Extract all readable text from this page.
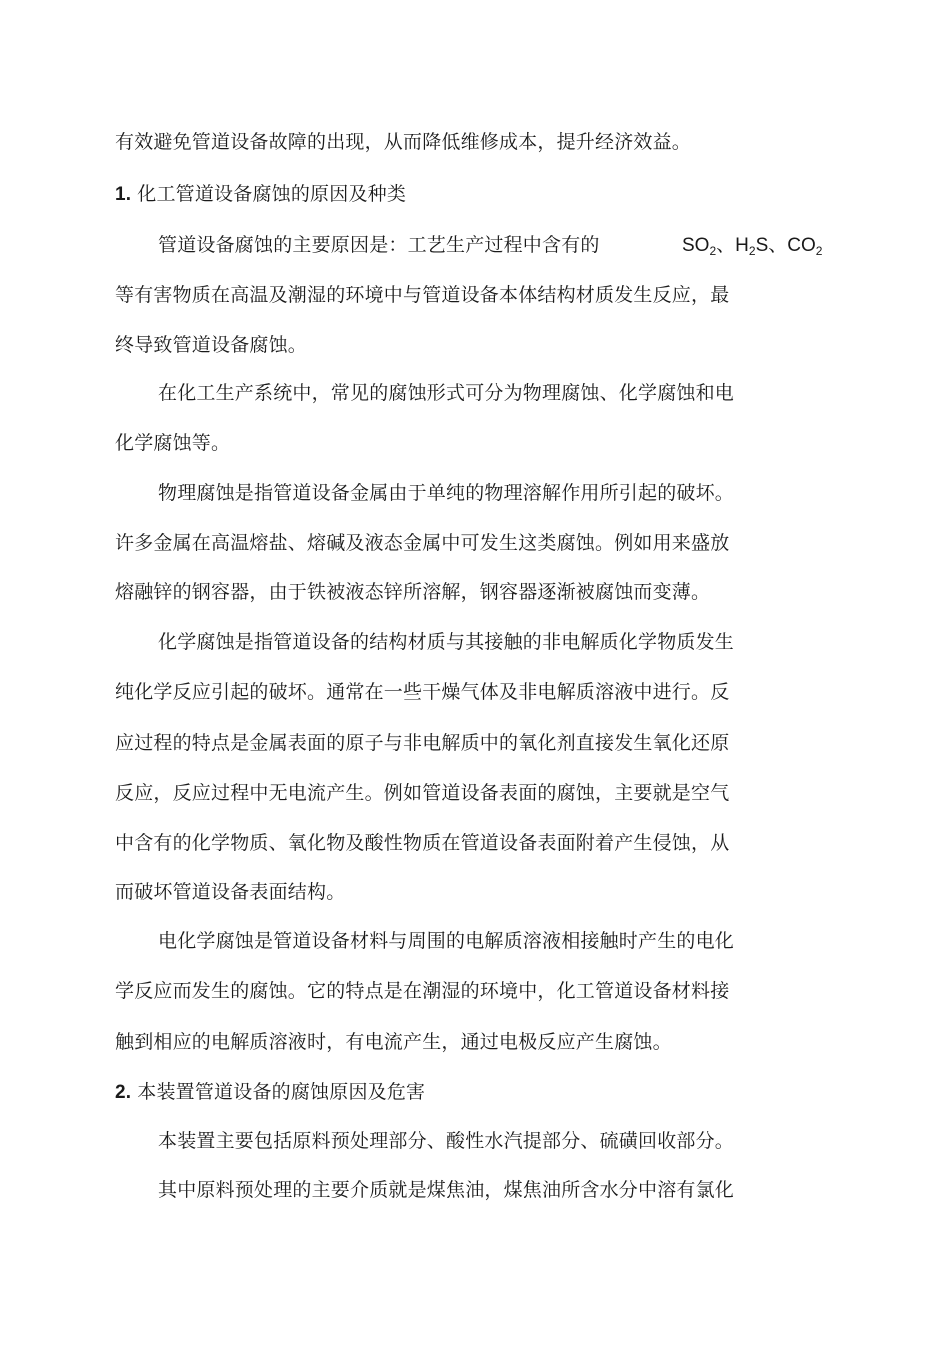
有效避免管道设备故障的出现，从而降低维修成本，提升经济效益。
1. 化工管道设备腐蚀的原因及种类
管道设备腐蚀的主要原因是：工艺生产过程中含有的	$SO_2$、$H_2S$、$CO_2$
等有害物质在高温及潮湿的环境中与管道设备本体结构材质发生反应，最
终导致管道设备腐蚀。
在化工生产系统中，常见的腐蚀形式可分为物理腐蚀、化学腐蚀和电
化学腐蚀等。
物理腐蚀是指管道设备金属由于单纯的物理溶解作用所引起的破坏。
许多金属在高温熔盐、熔碱及液态金属中可发生这类腐蚀。例如用来盛放
熔融锌的钢容器，由于铁被液态锌所溶解，钢容器逐渐被腐蚀而变薄。
化学腐蚀是指管道设备的结构材质与其接触的非电解质化学物质发生
纯化学反应引起的破坏。通常在一些干燥气体及非电解质溶液中进行。反
应过程的特点是金属表面的原子与非电解质中的氧化剂直接发生氧化还原
反应，反应过程中无电流产生。例如管道设备表面的腐蚀，主要就是空气
中含有的化学物质、氧化物及酸性物质在管道设备表面附着产生侵蚀，从
而破坏管道设备表面结构。
电化学腐蚀是管道设备材料与周围的电解质溶液相接触时产生的电化
学反应而发生的腐蚀。它的特点是在潮湿的环境中，化工管道设备材料接
触到相应的电解质溶液时，有电流产生，通过电极反应产生腐蚀。
2. 本装置管道设备的腐蚀原因及危害
本装置主要包括原料预处理部分、酸性水汽提部分、硫磺回收部分。
其中原料预处理的主要介质就是煤焦油，煤焦油所含水分中溶有氯化
